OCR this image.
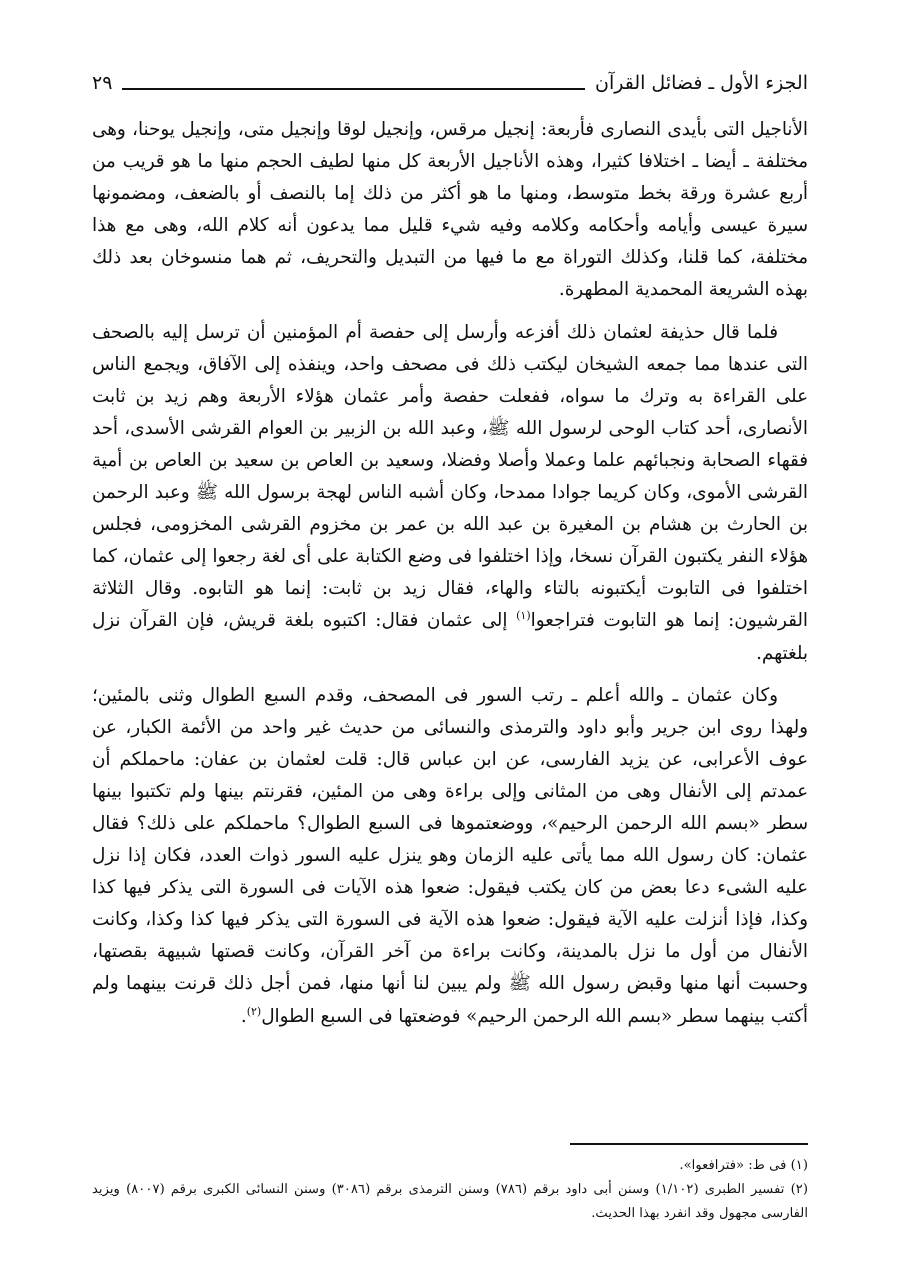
الجزء الأول ـ فضائل القرآن
٢٩

الأناجيل التى بأيدى النصارى فأربعة: إنجيل مرقس، وإنجيل لوقا وإنجيل متى، وإنجيل يوحنا، وهى مختلفة ـ أيضا ـ اختلافا كثيرا، وهذه الأناجيل الأربعة كل منها لطيف الحجم منها ما هو قريب من أربع عشرة ورقة بخط متوسط، ومنها ما هو أكثر من ذلك إما بالنصف أو بالضعف، ومضمونها سيرة عيسى وأيامه وأحكامه وكلامه وفيه شيء قليل مما يدعون أنه كلام الله، وهى مع هذا مختلفة، كما قلنا، وكذلك التوراة مع ما فيها من التبديل والتحريف، ثم هما منسوخان بعد ذلك بهذه الشريعة المحمدية المطهرة.

فلما قال حذيفة لعثمان ذلك أفزعه وأرسل إلى حفصة أم المؤمنين أن ترسل إليه بالصحف التى عندها مما جمعه الشيخان ليكتب ذلك فى مصحف واحد، وينفذه إلى الآفاق، ويجمع الناس على القراءة به وترك ما سواه، ففعلت حفصة وأمر عثمان هؤلاء الأربعة وهم زيد بن ثابت الأنصارى، أحد كتاب الوحى لرسول الله ﷺ، وعبد الله بن الزبير بن العوام القرشى الأسدى، أحد فقهاء الصحابة ونجبائهم علما وعملا وأصلا وفضلا، وسعيد بن العاص بن سعيد بن العاص بن أمية القرشى الأموى، وكان كريما جوادا ممدحا، وكان أشبه الناس لهجة برسول الله ﷺ وعبد الرحمن بن الحارث بن هشام بن المغيرة بن عبد الله بن عمر بن مخزوم القرشى المخزومى، فجلس هؤلاء النفر يكتبون القرآن نسخا، وإذا اختلفوا فى وضع الكتابة على أى لغة رجعوا إلى عثمان، كما اختلفوا فى التابوت أيكتبونه بالتاء والهاء، فقال زيد بن ثابت: إنما هو التابوه. وقال الثلاثة القرشيون: إنما هو التابوت فتراجعوا$^{(١)}$ إلى عثمان فقال: اكتبوه بلغة قريش، فإن القرآن نزل بلغتهم.

وكان عثمان ـ والله أعلم ـ رتب السور فى المصحف، وقدم السبع الطوال وثنى بالمئين؛ ولهذا روى ابن جرير وأبو داود والترمذى والنسائى من حديث غير واحد من الأئمة الكبار، عن عوف الأعرابى، عن يزيد الفارسى، عن ابن عباس قال: قلت لعثمان بن عفان: ماحملكم أن عمدتم إلى الأنفال وهى من المثانى وإلى براءة وهى من المئين، فقرنتم بينها ولم تكتبوا بينها سطر «بسم الله الرحمن الرحيم»، ووضعتموها فى السبع الطوال؟ ماحملكم على ذلك؟ فقال عثمان: كان رسول الله مما يأتى عليه الزمان وهو ينزل عليه السور ذوات العدد، فكان إذا نزل عليه الشىء دعا بعض من كان يكتب فيقول: ضعوا هذه الآيات فى السورة التى يذكر فيها كذا وكذا، فإذا أنزلت عليه الآية فيقول: ضعوا هذه الآية فى السورة التى يذكر فيها كذا وكذا، وكانت الأنفال من أول ما نزل بالمدينة، وكانت براءة من آخر القرآن، وكانت قصتها شبيهة بقصتها، وحسبت أنها منها وقبض رسول الله ﷺ ولم يبين لنا أنها منها، فمن أجل ذلك قرنت بينهما ولم أكتب بينهما سطر «بسم الله الرحمن الرحيم» فوضعتها فى السبع الطوال$^{(٢)}$.

(١) فى ط: «فترافعوا».

(٢) تفسير الطبرى (١/١٠٢) وسنن أبى داود برقم (٧٨٦) وسنن الترمذى برقم (٣٠٨٦) وسنن النسائى الكبرى برقم (٨٠٠٧) ويزيد الفارسى مجهول وقد انفرد بهذا الحديث.
